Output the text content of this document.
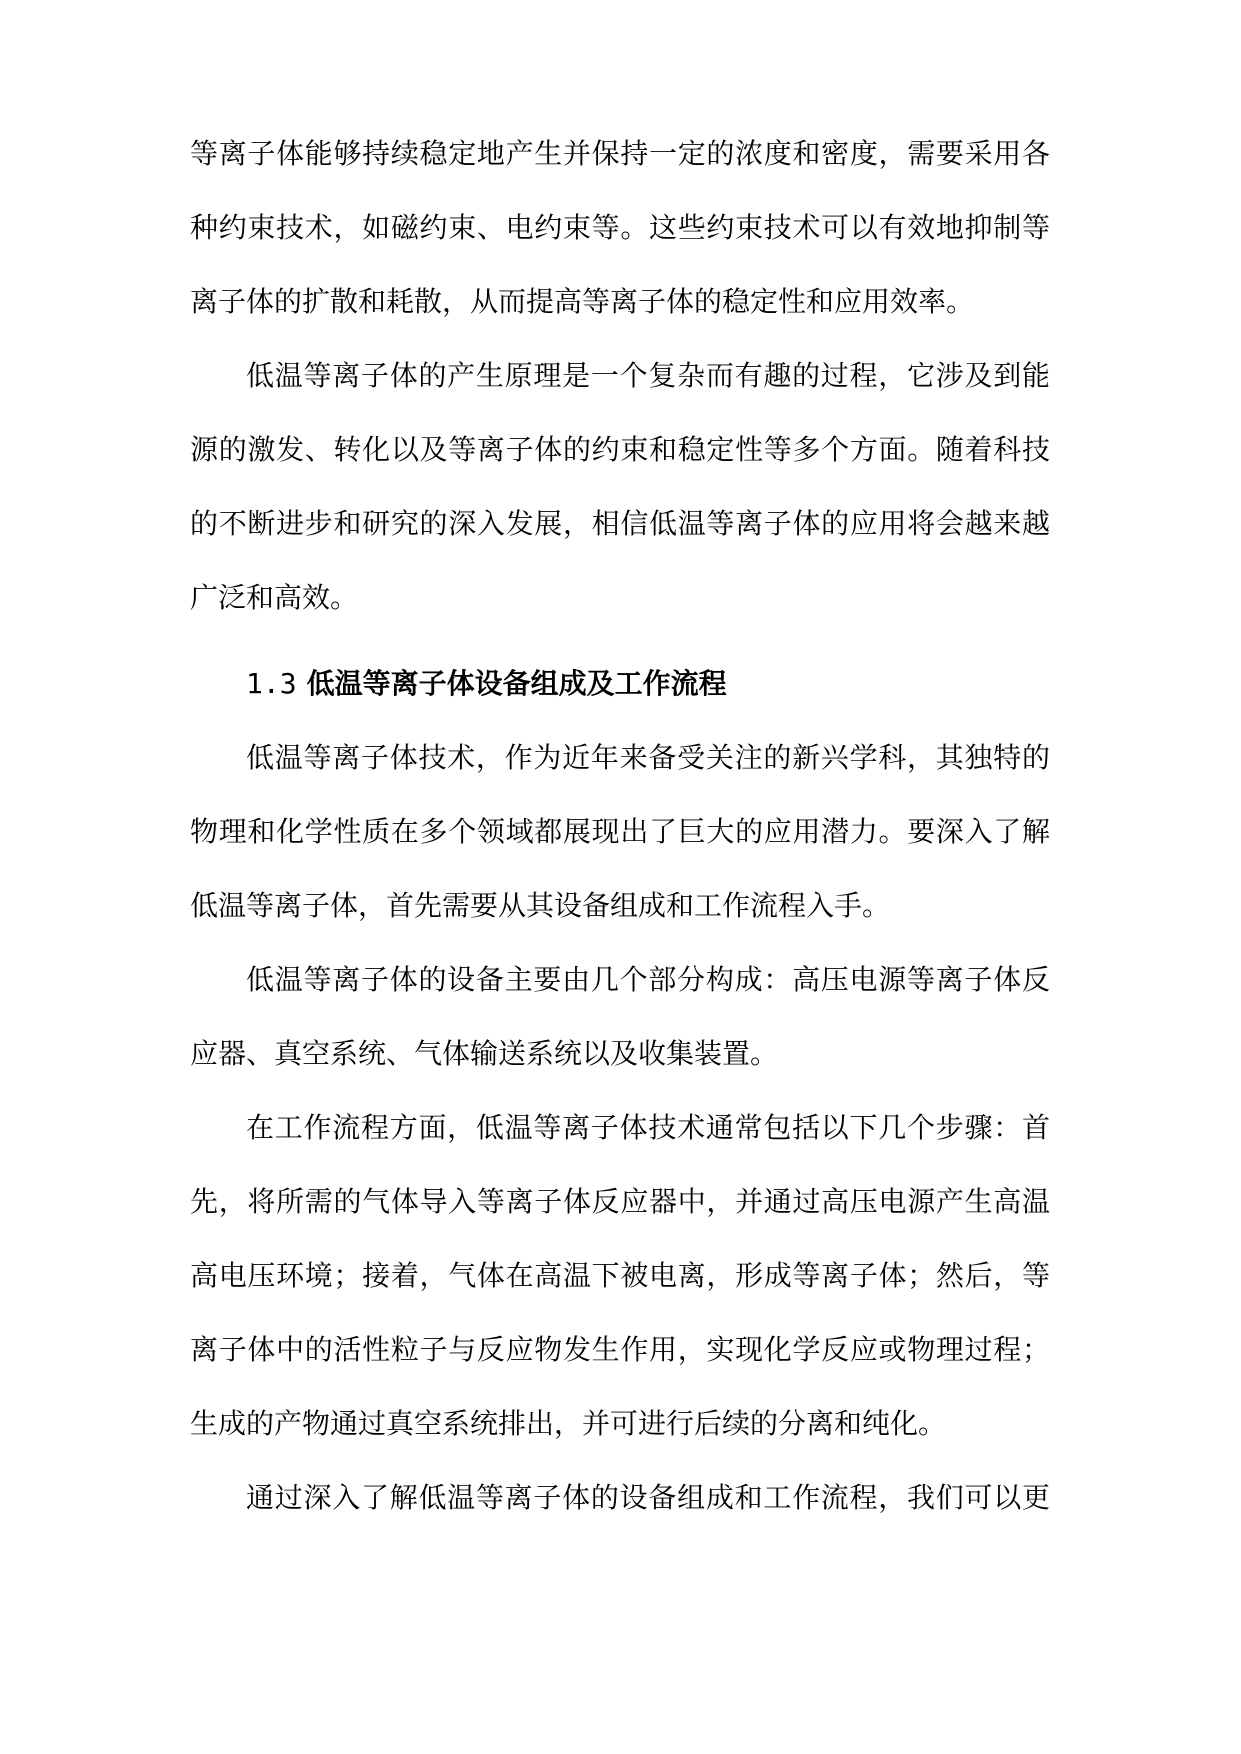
等离子体能够持续稳定地产生并保持一定的浓度和密度，需要采用各
种约束技术，如磁约束、电约束等。这些约束技术可以有效地抑制等
离子体的扩散和耗散，从而提高等离子体的稳定性和应用效率。
低温等离子体的产生原理是一个复杂而有趣的过程，它涉及到能
源的激发、转化以及等离子体的约束和稳定性等多个方面。随着科技
的不断进步和研究的深入发展，相信低温等离子体的应用将会越来越
广泛和高效。
1.3 低温等离子体设备组成及工作流程
低温等离子体技术，作为近年来备受关注的新兴学科，其独特的
物理和化学性质在多个领域都展现出了巨大的应用潜力。要深入了解
低温等离子体，首先需要从其设备组成和工作流程入手。
低温等离子体的设备主要由几个部分构成：高压电源等离子体反
应器、真空系统、气体输送系统以及收集装置。
在工作流程方面，低温等离子体技术通常包括以下几个步骤：首
先，将所需的气体导入等离子体反应器中，并通过高压电源产生高温
高电压环境；接着，气体在高温下被电离，形成等离子体；然后，等
离子体中的活性粒子与反应物发生作用，实现化学反应或物理过程；
生成的产物通过真空系统排出，并可进行后续的分离和纯化。
通过深入了解低温等离子体的设备组成和工作流程，我们可以更
